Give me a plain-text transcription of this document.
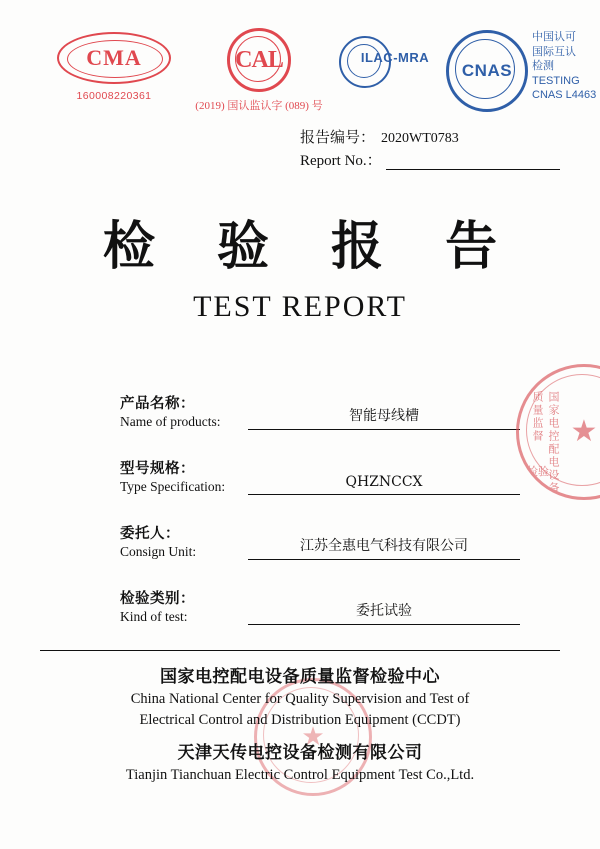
CMA
160008220361
CAL
(2019) 国认监认字 (089) 号
ILAC-MRA
CNAS
中国认可
国际互认
检测
TESTING
CNAS L4463
报告编号： 2020WT0783
Report No.：
检 验 报 告
TEST REPORT
产品名称：
Name of products:	智能母线槽
型号规格：
Type Specification:	QHZNCCX
委托人：
Consign Unit:	江苏全惠电气科技有限公司
检验类别：
Kind of test:	委托试验
★
国家电控配电设备质量监督
检验
★
国家电控配电设备质量监督检验中心
China National Center for Quality Supervision and Test of
Electrical Control and Distribution Equipment (CCDT)
天津天传电控设备检测有限公司
Tianjin Tianchuan Electric Control Equipment Test Co.,Ltd.
